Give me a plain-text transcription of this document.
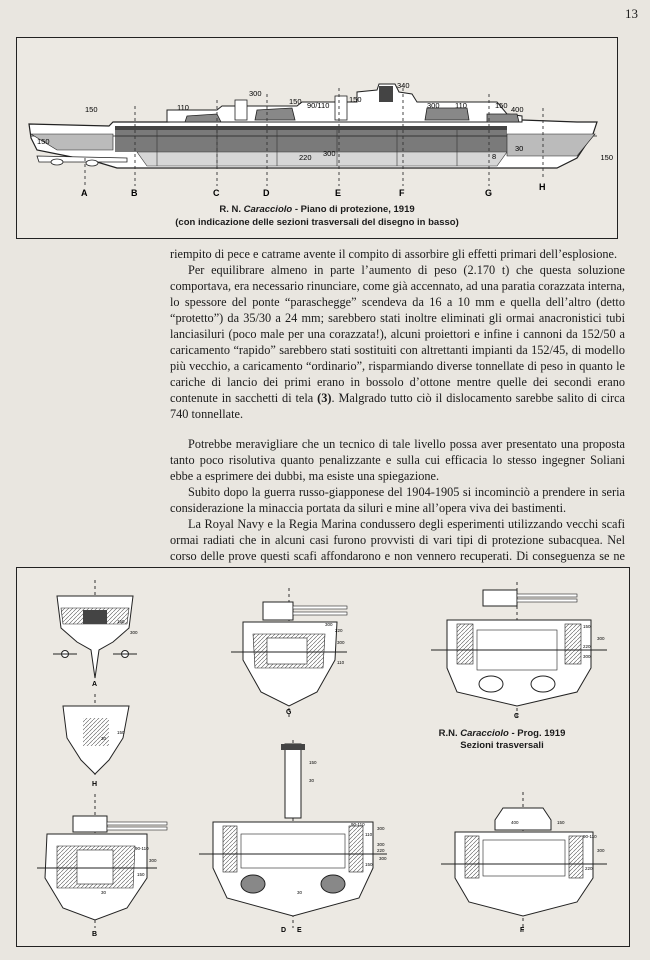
13
A	B	C	D	E	F	G
H
150	110
300
150 90/110
150
340
300 110	150 400
150
30
8
220 300	150
R. N. Caracciolo - Piano di protezione, 1919
(con indicazione delle sezioni trasversali del disegno in basso)

riempito di pece e catrame avente il compito di assorbire gli effetti primari dell’esplosione.

Per equilibrare almeno in parte l’aumento di peso (2.170 t) che questa soluzione comportava, era necessario rinunciare, come già accennato, ad una paratia corazzata interna, lo spessore del ponte “paraschegge” scendeva da 16 a 10 mm e quella dell’altro (detto “protetto”) da 35/30 a 24 mm; sarebbero stati inoltre eliminati gli ormai anacronistici tubi lanciasiluri (poco male per una corazzata!), alcuni proiettori e infine i cannoni da 152/50 a caricamento “rapido” sarebbero stati sostituiti con altrettanti impianti da 152/45, di modello più vecchio, a caricamento “ordinario”, risparmiando diverse tonnellate di peso in quanto le cariche di lancio dei primi erano in bossolo d’ottone mentre quelle dei secondi erano contenute in sacchetti di tela (3). Malgrado tutto ciò il dislocamento sarebbe salito di circa 740 tonnellate.

Potrebbe meravigliare che un tecnico di tale livello possa aver presentato una proposta tanto poco risolutiva quanto penalizzante e sulla cui efficacia lo stesso ingegner Soliani ebbe a esprimere dei dubbi, ma esiste una spiegazione.

Subito dopo la guerra russo-giapponese del 1904-1905 si incominciò a prendere in seria considerazione la minaccia portata da siluri e mine all’opera viva dei bastimenti.

La Royal Navy e la Regia Marina condussero degli esperimenti utilizzando vecchi scafi ormai radiati che in alcuni casi furono provvisti di vari tipi di protezione subacquea. Nel corso delle prove questi scafi affondarono e non vennero recuperati. Di conseguenza se ne

A
150
300
H
150
30
B
300
90-110
150
30
G
300
220
300
110
C
150
300
220
300
R.N. Caracciolo - Prog. 1919
Sezioni trasversali
D E
150
30
300
110
300
90-110
300
150
220
30
F
400	150
90-110
300
220
